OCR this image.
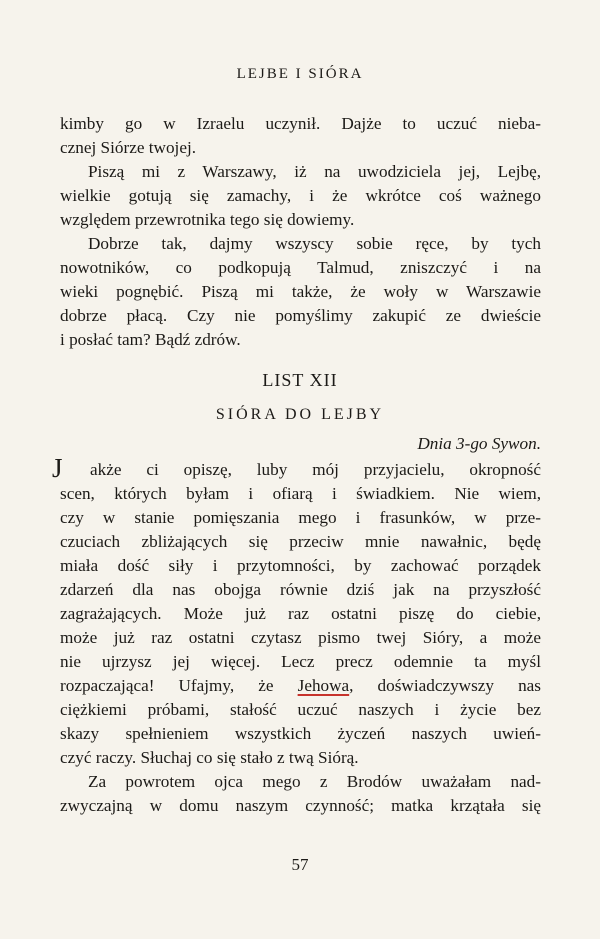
LEJBE I SIÓRA
kimby go w Izraelu uczynił. Dajże to uczuć nieba-
cznej Siórze twojej.
Piszą mi z Warszawy, iż na uwodziciela jej, Lejbę,
wielkie gotują się zamachy, i że wkrótce coś ważnego
względem przewrotnika tego się dowiemy.
Dobrze tak, dajmy wszyscy sobie ręce, by tych
nowotników, co podkopują Talmud, zniszczyć i na
wieki pognębić. Piszą mi także, że woły w Warszawie
dobrze płacą. Czy nie pomyślimy zakupić ze dwieście
i posłać tam? Bądź zdrów.
LIST XII
SIÓRA DO LEJBY
Dnia 3-go Sywon.
J akże ci opiszę, luby mój przyjacielu, okropność
scen, których byłam i ofiarą i świadkiem. Nie wiem,
czy w stanie pomięszania mego i frasunków, w prze-
czuciach zbliżających się przeciw mnie nawałnic, będę
miała dość siły i przytomności, by zachować porządek
zdarzeń dla nas obojga równie dziś jak na przyszłość
zagrażających. Może już raz ostatni piszę do ciebie,
może już raz ostatni czytasz pismo twej Sióry, a może
nie ujrzysz jej więcej. Lecz precz odemnie ta myśl
rozpaczająca! Ufajmy, że Jehowa, doświadczywszy nas
ciężkiemi próbami, stałość uczuć naszych i życie bez
skazy spełnieniem wszystkich życzeń naszych uwień-
czyć raczy. Słuchaj co się stało z twą Siórą.
Za powrotem ojca mego z Brodów uważałam nad-
zwyczajną w domu naszym czynność; matka krzątała się
57
